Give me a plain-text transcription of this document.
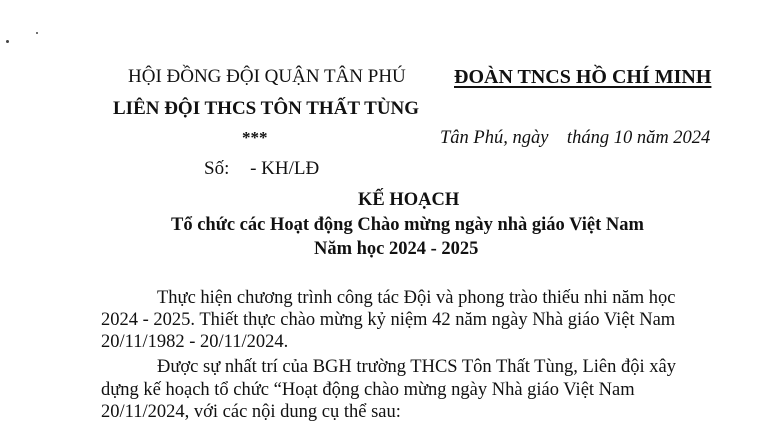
HỘI ĐỒNG ĐỘI QUẬN TÂN PHÚ
LIÊN ĐỘI THCS TÔN THẤT TÙNG
***
Số: - KH/LĐ
ĐOÀN TNCS HỒ CHÍ MINH
Tân Phú, ngày    tháng 10 năm 2024
KẾ HOẠCH
Tổ chức các Hoạt động Chào mừng ngày nhà giáo Việt Nam
Năm học 2024 - 2025
Thực hiện chương trình công tác Đội và phong trào thiếu nhi năm học
2024 - 2025. Thiết thực chào mừng kỷ niệm 42 năm ngày Nhà giáo Việt Nam
20/11/1982 - 20/11/2024.
Được sự nhất trí của BGH trường THCS Tôn Thất Tùng, Liên đội xây
dựng kế hoạch tổ chức “Hoạt động chào mừng ngày Nhà giáo Việt Nam
20/11/2024, với các nội dung cụ thể sau:
